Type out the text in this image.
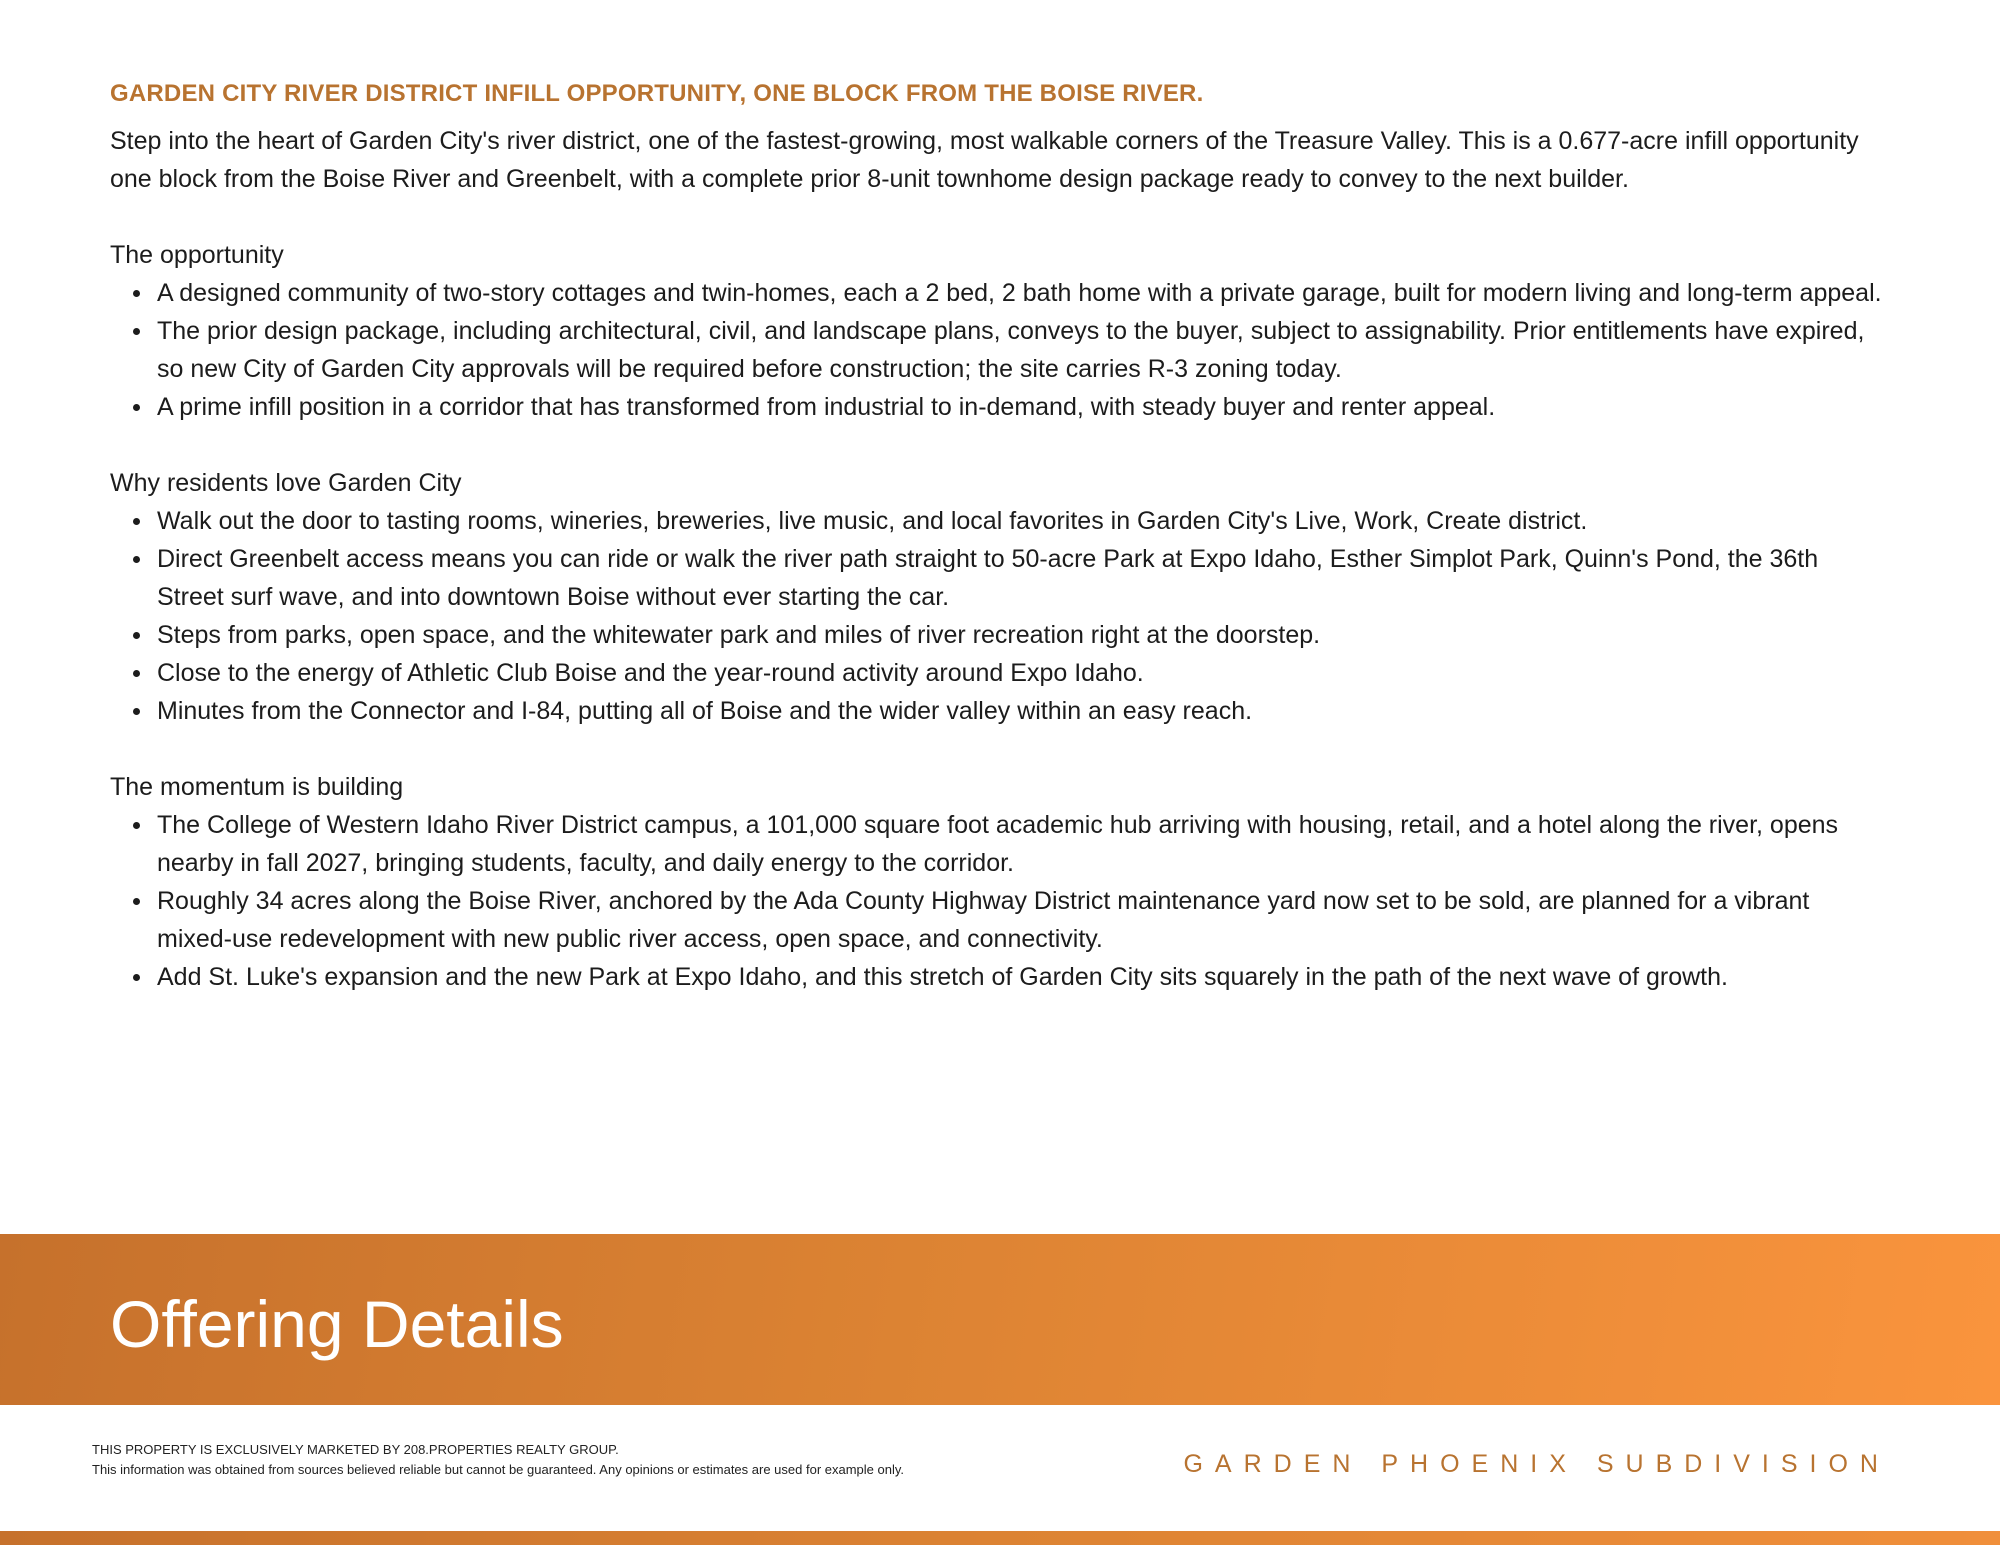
GARDEN CITY RIVER DISTRICT INFILL OPPORTUNITY, ONE BLOCK FROM THE BOISE RIVER.

Step into the heart of Garden City's river district, one of the fastest-growing, most walkable corners of the Treasure Valley. This is a 0.677-acre infill opportunity one block from the Boise River and Greenbelt, with a complete prior 8-unit townhome design package ready to convey to the next builder.

The opportunity
A designed community of two-story cottages and twin-homes, each a 2 bed, 2 bath home with a private garage, built for modern living and long-term appeal.
The prior design package, including architectural, civil, and landscape plans, conveys to the buyer, subject to assignability. Prior entitlements have expired, so new City of Garden City approvals will be required before construction; the site carries R-3 zoning today.
A prime infill position in a corridor that has transformed from industrial to in-demand, with steady buyer and renter appeal.
Why residents love Garden City
Walk out the door to tasting rooms, wineries, breweries, live music, and local favorites in Garden City's Live, Work, Create district.
Direct Greenbelt access means you can ride or walk the river path straight to 50-acre Park at Expo Idaho, Esther Simplot Park, Quinn's Pond, the 36th Street surf wave, and into downtown Boise without ever starting the car.
Steps from parks, open space, and the whitewater park and miles of river recreation right at the doorstep.
Close to the energy of Athletic Club Boise and the year-round activity around Expo Idaho.
Minutes from the Connector and I-84, putting all of Boise and the wider valley within an easy reach.
The momentum is building
The College of Western Idaho River District campus, a 101,000 square foot academic hub arriving with housing, retail, and a hotel along the river, opens nearby in fall 2027, bringing students, faculty, and daily energy to the corridor.
Roughly 34 acres along the Boise River, anchored by the Ada County Highway District maintenance yard now set to be sold, are planned for a vibrant mixed-use redevelopment with new public river access, open space, and connectivity.
Add St. Luke's expansion and the new Park at Expo Idaho, and this stretch of Garden City sits squarely in the path of the next wave of growth.
Offering Details
THIS PROPERTY IS EXCLUSIVELY MARKETED BY 208.PROPERTIES REALTY GROUP.
This information was obtained from sources believed reliable but cannot be guaranteed. Any opinions or estimates are used for example only.	GARDEN PHOENIX SUBDIVISION
